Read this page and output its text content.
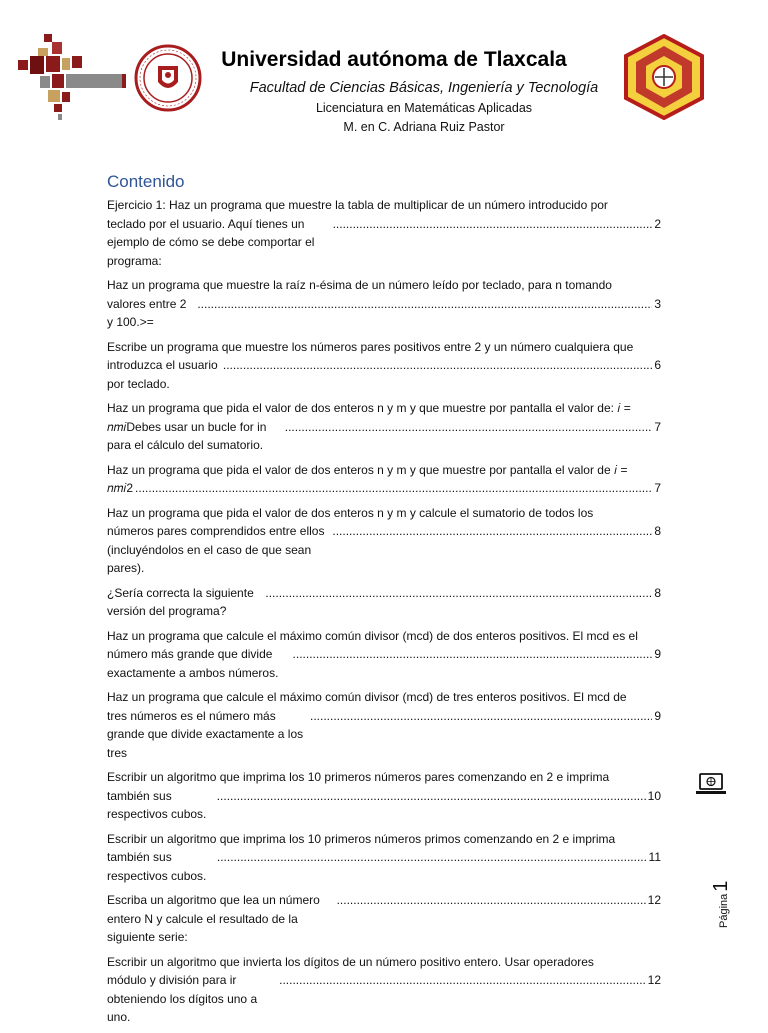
Universidad autónoma de Tlaxcala
Facultad de Ciencias Básicas, Ingeniería y Tecnología
Licenciatura en Matemáticas Aplicadas
M. en C. Adriana Ruiz Pastor
Contenido
Ejercicio 1: Haz un programa que muestre la tabla de multiplicar de un número introducido por
teclado por el usuario. Aquí tienes un ejemplo de cómo se debe comportar el programa:
.....
2
Haz un programa que muestre la raíz n-ésima de un número leído por teclado, para n tomando
valores entre 2 y 100.>=
.....
3
Escribe un programa que muestre los números pares positivos entre 2 y un número cualquiera que
introduzca el usuario por teclado.
.....
6
Haz un programa que pida el valor de dos enteros n y m y que muestre por pantalla el valor de: 𝑖 =
𝑛𝑚𝑖Debes usar un bucle for in para el cálculo del sumatorio.
.....
7
Haz un programa que pida el valor de dos enteros n y m y que muestre por pantalla el valor de 𝑖 =
𝑛𝑚𝑖2
.....	7
Haz un programa que pida el valor de dos enteros n y m y calcule el sumatorio de todos los
números pares comprendidos entre ellos (incluyéndolos en el caso de que sean pares).
.....
8
¿Sería correcta la siguiente versión del programa?
.....
8
Haz un programa que calcule el máximo común divisor (mcd) de dos enteros positivos. El mcd es el
número más grande que divide exactamente a ambos números.
.....
9
Haz un programa que calcule el máximo común divisor (mcd) de tres enteros positivos. El mcd de
tres números es el número más grande que divide exactamente a los tres
.....
9
Escribir un algoritmo que imprima los 10 primeros números pares comenzando en 2 e imprima
también sus respectivos cubos.
.....
10
Escribir un algoritmo que imprima los 10 primeros números primos comenzando en 2 e imprima
también sus respectivos cubos.
.....
11
Escriba un algoritmo que lea un número entero N y calcule el resultado de la siguiente serie:
.....
12
Escribir un algoritmo que invierta los dígitos de un número positivo entero. Usar operadores
módulo y división para ir obteniendo los dígitos uno a uno.
.....
12
Página1
